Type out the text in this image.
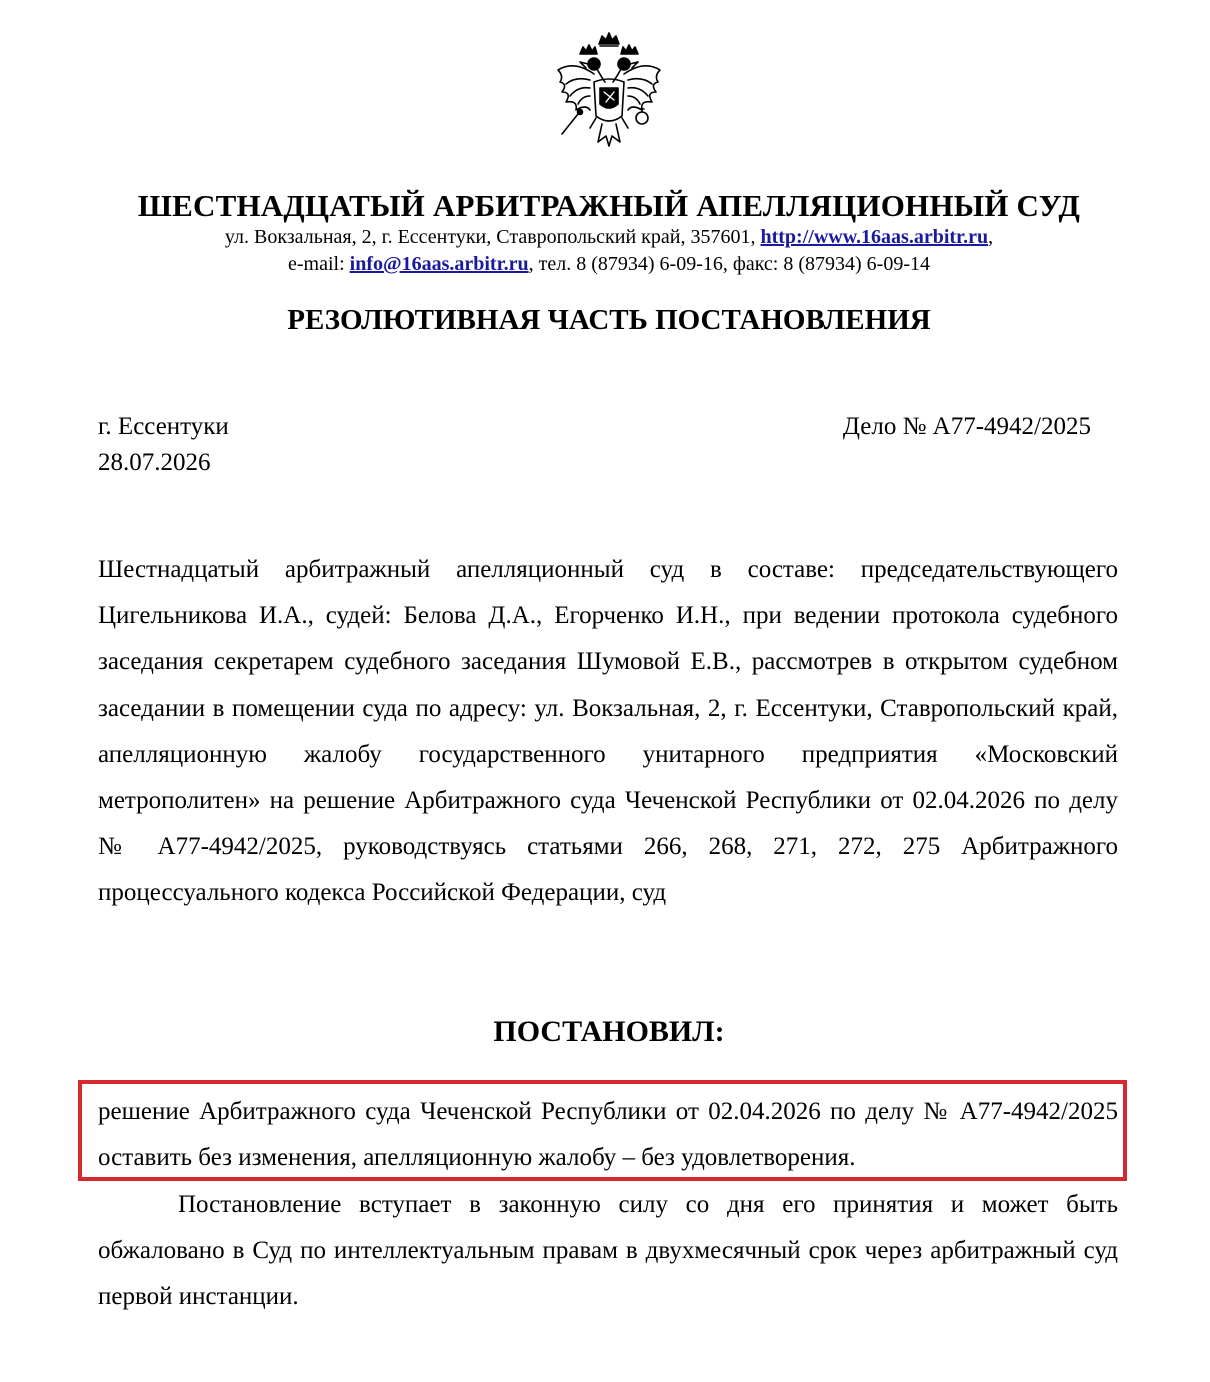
ШЕСТНАДЦАТЫЙ АРБИТРАЖНЫЙ АПЕЛЛЯЦИОННЫЙ СУД
ул. Вокзальная, 2, г. Ессентуки, Ставропольский край, 357601, http://www.16aas.arbitr.ru,
e-mail: info@16aas.arbitr.ru, тел. 8 (87934) 6-09-16, факс: 8 (87934) 6-09-14
РЕЗОЛЮТИВНАЯ ЧАСТЬ ПОСТАНОВЛЕНИЯ
г. Ессентуки
28.07.2026
Дело № А77-4942/2025
Шестнадцатый арбитражный апелляционный суд в составе: председательствующего Цигельникова И.А., судей: Белова Д.А., Егорченко И.Н., при ведении протокола судебного заседания секретарем судебного заседания Шумовой Е.В., рассмотрев в открытом судебном заседании в помещении суда по адресу: ул. Вокзальная, 2, г. Ессентуки, Ставропольский край, апелляционную жалобу государственного унитарного предприятия «Московский метрополитен» на решение Арбитражного суда Чеченской Республики от 02.04.2026 по делу № А77-4942/2025, руководствуясь статьями 266, 268, 271, 272, 275 Арбитражного процессуального кодекса Российской Федерации, суд
ПОСТАНОВИЛ:
решение Арбитражного суда Чеченской Республики от 02.04.2026 по делу № А77-4942/2025 оставить без изменения, апелляционную жалобу – без удовлетворения.
Постановление вступает в законную силу со дня его принятия и может быть обжаловано в Суд по интеллектуальным правам в двухмесячный срок через арбитражный суд первой инстанции.
